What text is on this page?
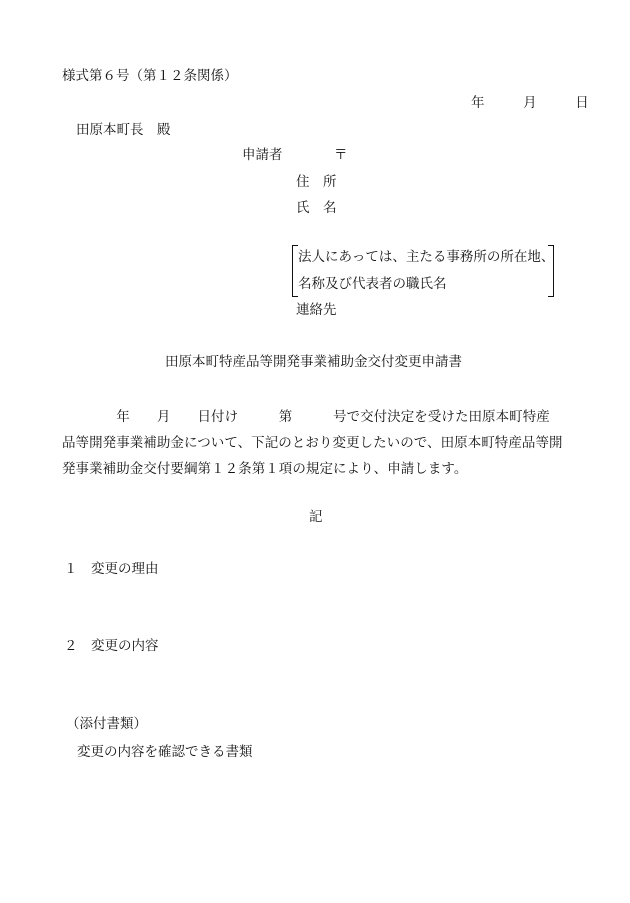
様式第６号（第１２条関係）
年	月	日
田原本町長　殿
申請者	〒
住　所
氏　名
法人にあっては、主たる事務所の所在地、
名称及び代表者の職氏名
連絡先
田原本町特産品等開発事業補助金交付変更申請書
　　　　年　　月　　日付け　　　第　　　号で交付決定を受けた田原本町特産
品等開発事業補助金について、下記のとおり変更したいので、田原本町特産品等開
発事業補助金交付要綱第１２条第１項の規定により、申請します。
記
１　変更の理由
２　変更の内容
（添付書類）
変更の内容を確認できる書類
